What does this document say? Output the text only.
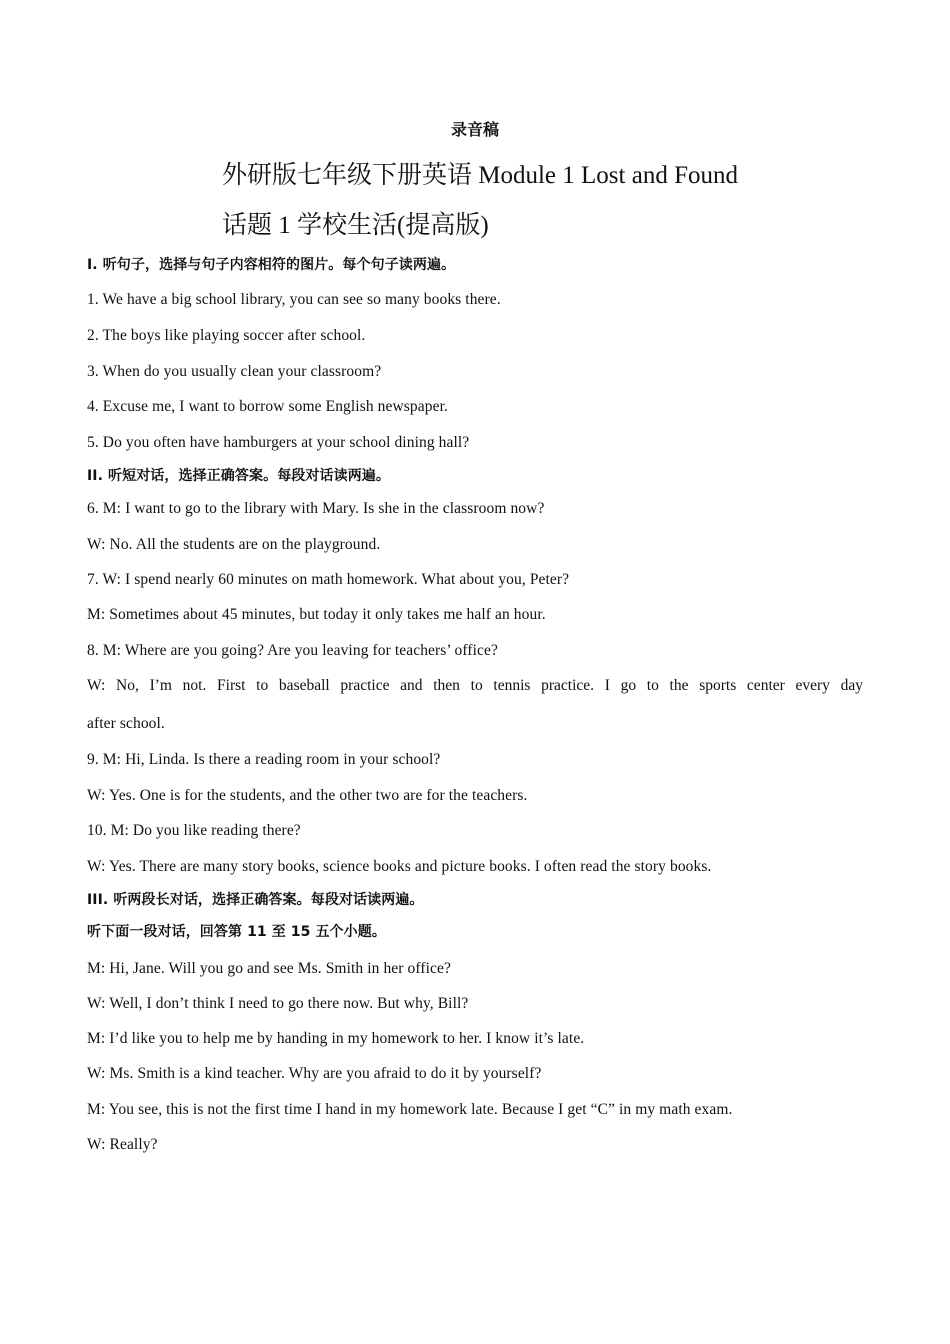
录音稿
外研版七年级下册英语 Module 1 Lost and Found
话题 1 学校生活(提高版)
Ⅰ. 听句子，选择与句子内容相符的图片。每个句子读两遍。
1. We have a big school library, you can see so many books there.
2. The boys like playing soccer after school.
3. When do you usually clean your classroom?
4. Excuse me, I want to borrow some English newspaper.
5. Do you often have hamburgers at your school dining hall?
II. 听短对话，选择正确答案。每段对话读两遍。
6. M: I want to go to the library with Mary. Is she in the classroom now?
W: No. All the students are on the playground.
7. W: I spend nearly 60 minutes on math homework. What about you, Peter?
M: Sometimes about 45 minutes, but today it only takes me half an hour.
8. M: Where are you going? Are you leaving for teachers’ office?
W: No, I’m not. First to baseball practice and then to tennis practice. I go to the sports center every day
after school.
9. M: Hi, Linda. Is there a reading room in your school?
W: Yes. One is for the students, and the other two are for the teachers.
10. M: Do you like reading there?
W: Yes. There are many story books, science books and picture books. I often read the story books.
III. 听两段长对话，选择正确答案。每段对话读两遍。
听下面一段对话，回答第 11 至 15 五个小题。
M: Hi, Jane. Will you go and see Ms. Smith in her office?
W: Well, I don’t think I need to go there now. But why, Bill?
M: I’d like you to help me by handing in my homework to her. I know it’s late.
W: Ms. Smith is a kind teacher. Why are you afraid to do it by yourself?
M: You see, this is not the first time I hand in my homework late. Because I get “C” in my math exam.
W: Really?
